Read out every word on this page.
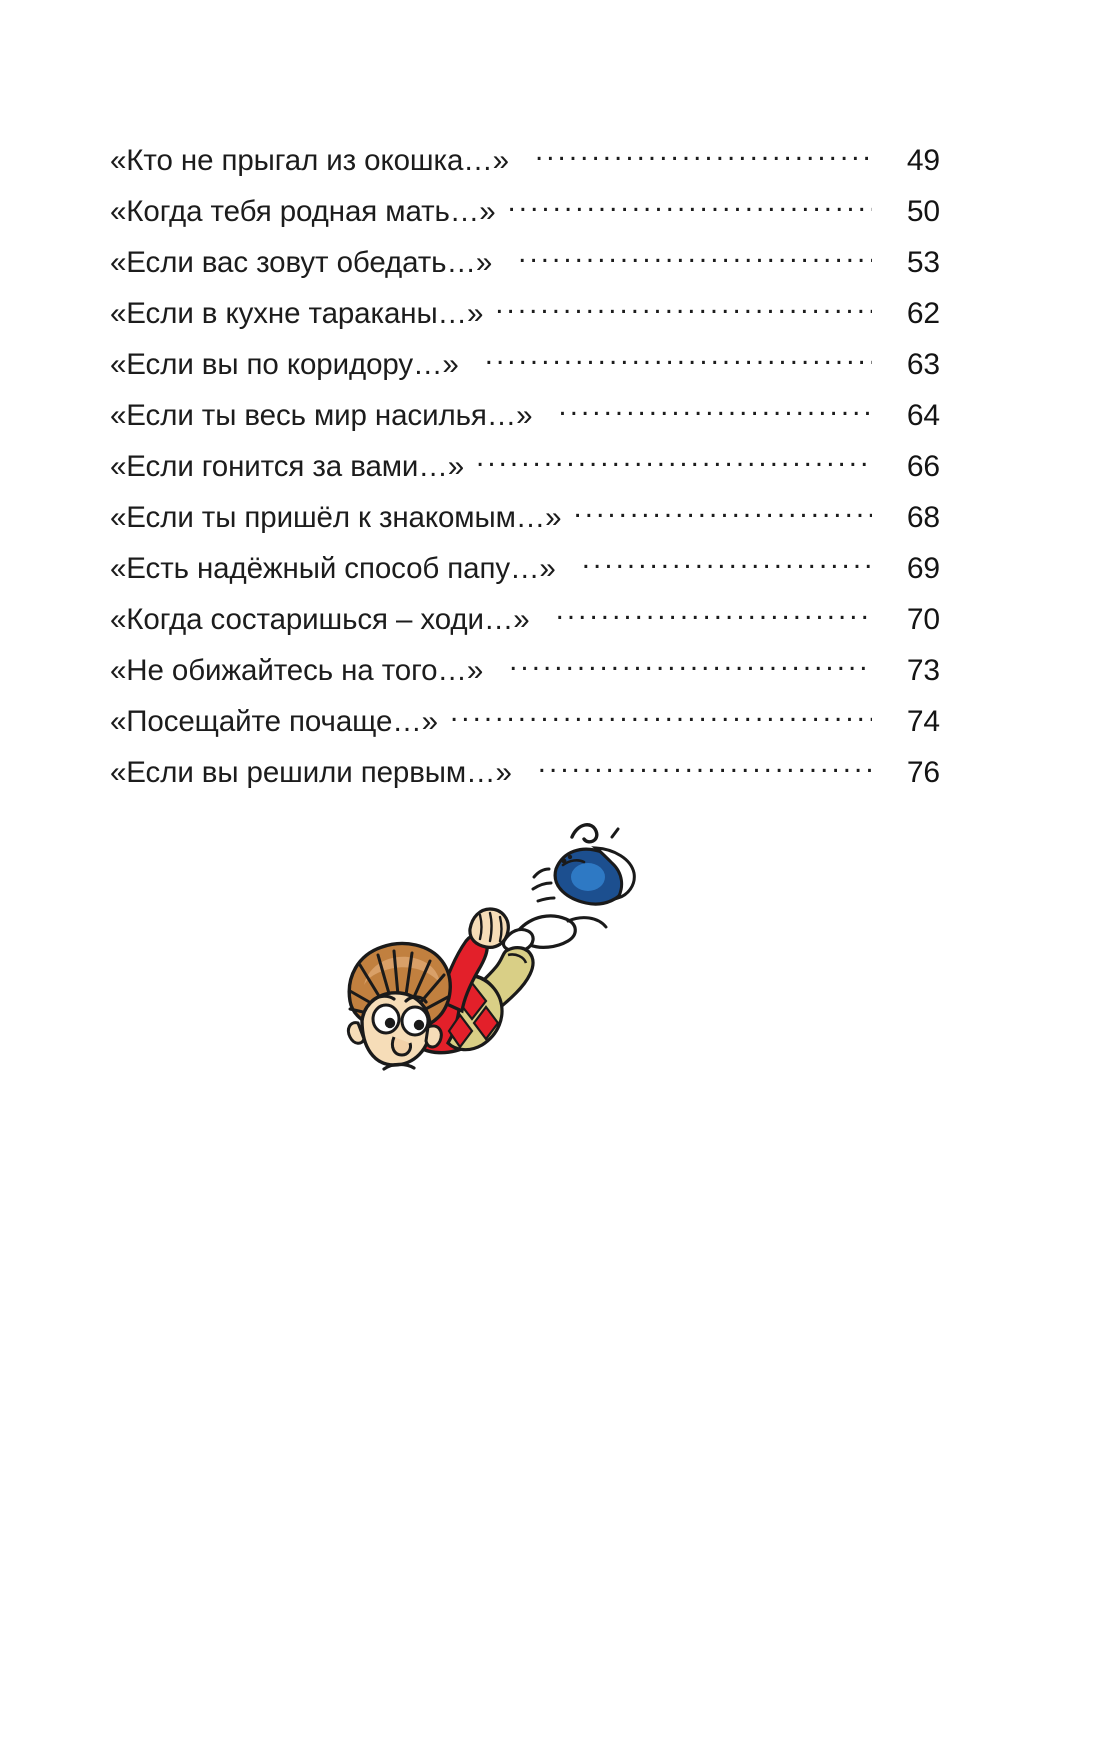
«Кто не прыгал из окошка…» .....	49
«Когда тебя родная мать…» .....	50
«Если вас зовут обедать…» .....	53
«Если в кухне тараканы…» .....	62
«Если вы по коридору…» .....	63
«Если ты весь мир насилья…» .....	64
«Если гонится за вами…» .....	66
«Если ты пришёл к знакомым…» .....	68
«Есть надёжный способ папу…» .....	69
«Когда состаришься – ходи…» .....	70
«Не обижайтесь на того…» .....	73
«Посещайте почаще…» .....	74
«Если вы решили первым…» .....	76
